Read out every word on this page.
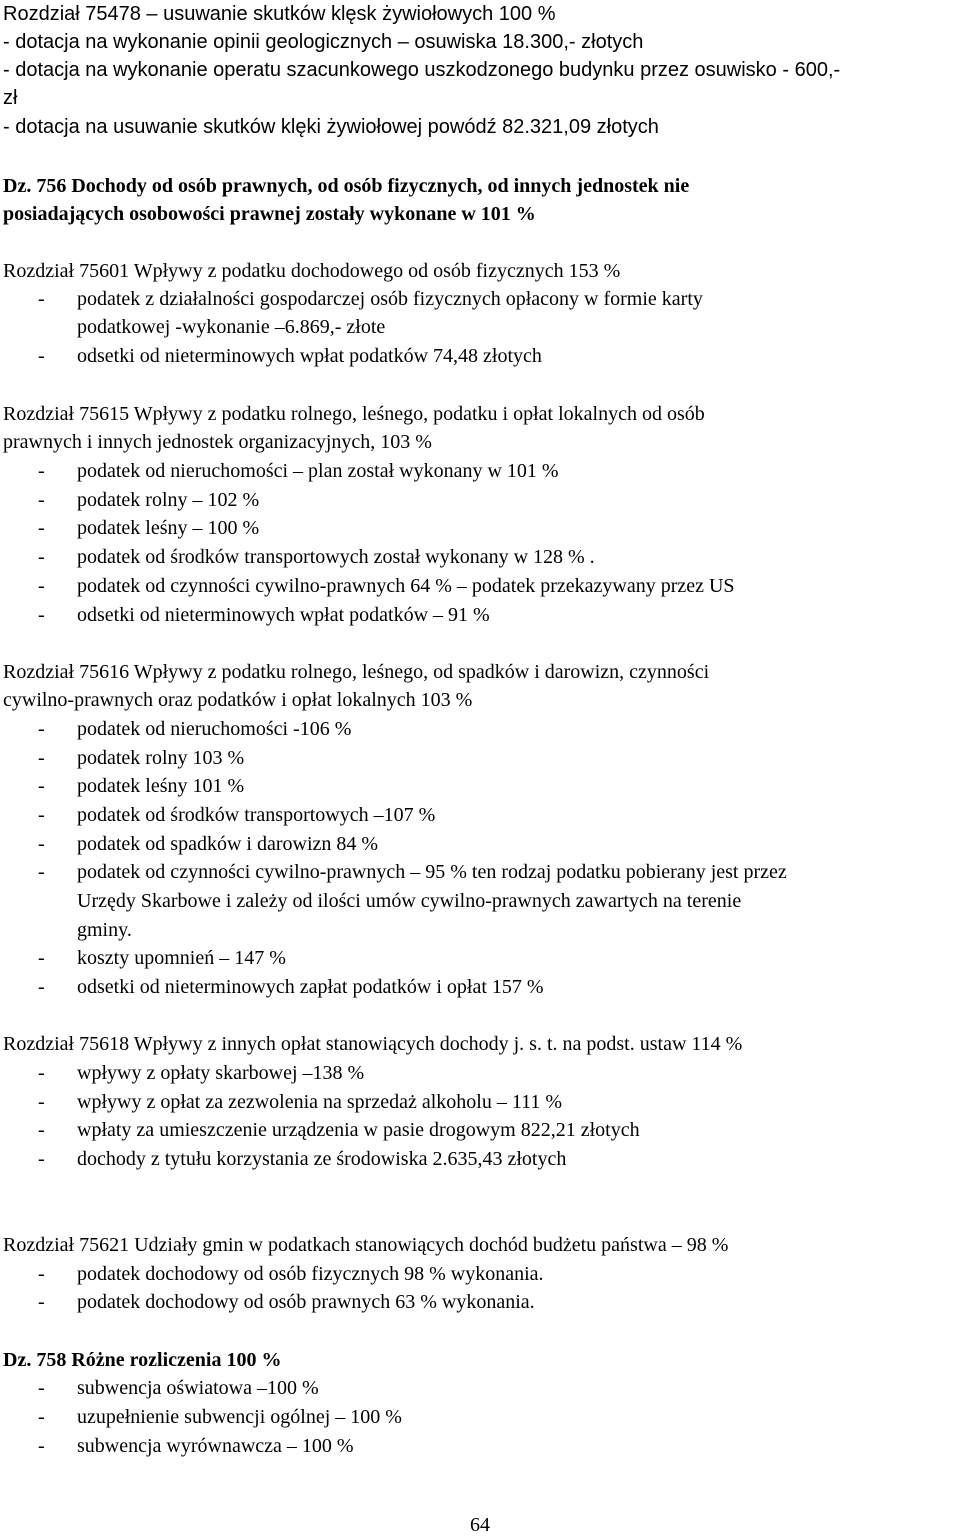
Rozdział 75478 – usuwanie skutków klęsk żywiołowych 100 %
- dotacja na wykonanie opinii geologicznych – osuwiska 18.300,- złotych
- dotacja na wykonanie operatu szacunkowego uszkodzonego budynku przez osuwisko - 600,-
zł
- dotacja na usuwanie skutków klęki żywiołowej powódź 82.321,09 złotych
Dz. 756 Dochody od osób prawnych, od osób fizycznych, od innych jednostek nie
posiadających osobowości prawnej zostały wykonane w 101 %
Rozdział 75601 Wpływy z podatku dochodowego od osób fizycznych 153 %
- podatek z działalności gospodarczej osób fizycznych opłacony w formie karty
podatkowej -wykonanie –6.869,- złote
- odsetki od nieterminowych wpłat podatków 74,48 złotych
Rozdział 75615 Wpływy z podatku rolnego, leśnego, podatku i opłat lokalnych od osób
prawnych i innych jednostek organizacyjnych, 103 %
- podatek od nieruchomości – plan został wykonany w 101 %
- podatek rolny – 102 %
- podatek leśny – 100 %
- podatek od środków transportowych został wykonany w 128 % .
- podatek od czynności cywilno-prawnych 64 % – podatek przekazywany przez US
- odsetki od nieterminowych wpłat podatków – 91 %
Rozdział 75616 Wpływy z podatku rolnego, leśnego, od spadków i darowizn, czynności
cywilno-prawnych oraz podatków i opłat lokalnych 103 %
- podatek od nieruchomości -106 %
- podatek rolny 103 %
- podatek leśny 101 %
- podatek od środków transportowych –107 %
- podatek od spadków i darowizn 84 %
- podatek od czynności cywilno-prawnych – 95 % ten rodzaj podatku pobierany jest przez
Urzędy Skarbowe i zależy od ilości umów cywilno-prawnych zawartych na terenie
gminy.
- koszty upomnień – 147 %
- odsetki od nieterminowych zapłat podatków i opłat 157 %
Rozdział 75618 Wpływy z innych opłat stanowiących dochody j. s. t. na podst. ustaw 114 %
- wpływy z opłaty skarbowej –138 %
- wpływy z opłat za zezwolenia na sprzedaż alkoholu – 111 %
- wpłaty za umieszczenie urządzenia w pasie drogowym 822,21 złotych
- dochody z tytułu korzystania ze środowiska 2.635,43 złotych
Rozdział 75621 Udziały gmin w podatkach stanowiących dochód budżetu państwa – 98 %
- podatek dochodowy od osób fizycznych 98 % wykonania.
- podatek dochodowy od osób prawnych 63 % wykonania.
Dz. 758 Różne rozliczenia 100 %
- subwencja oświatowa –100 %
- uzupełnienie subwencji ogólnej – 100 %
- subwencja wyrównawcza – 100 %
64
